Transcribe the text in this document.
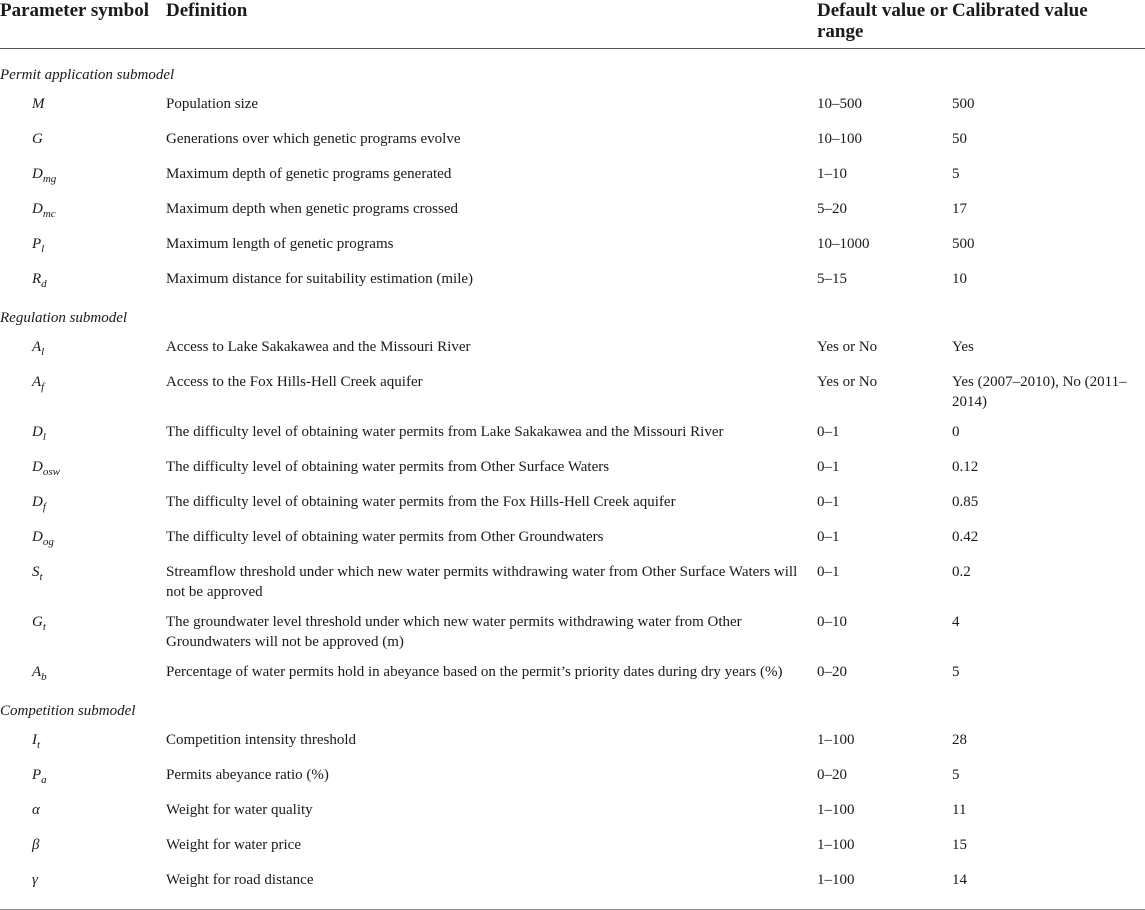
Parameter symbol	Definition	Default value or range	Calibrated value
Permit application submodel			
M	Population size	10–500	500
G	Generations over which genetic programs evolve	10–100	50
$D_{mg}$	Maximum depth of genetic programs generated	1–10	5
$D_{mc}$	Maximum depth when genetic programs crossed	5–20	17
$P_l$	Maximum length of genetic programs	10–1000	500
$R_d$	Maximum distance for suitability estimation (mile)	5–15	10
Regulation submodel			
$A_l$	Access to Lake Sakakawea and the Missouri River	Yes or No	Yes
$A_f$	Access to the Fox Hills-Hell Creek aquifer	Yes or No	Yes (2007–2010), No (2011–2014)
$D_l$	The difficulty level of obtaining water permits from Lake Sakakawea and the Missouri River	0–1	0
$D_{osw}$	The difficulty level of obtaining water permits from Other Surface Waters	0–1	0.12
$D_f$	The difficulty level of obtaining water permits from the Fox Hills-Hell Creek aquifer	0–1	0.85
$D_{og}$	The difficulty level of obtaining water permits from Other Groundwaters	0–1	0.42
$S_t$	Streamflow threshold under which new water permits withdrawing water from Other Surface Waters will not be approved	0–1	0.2
$G_t$	The groundwater level threshold under which new water permits withdrawing water from Other Groundwaters will not be approved (m)	0–10	4
$A_b$	Percentage of water permits hold in abeyance based on the permit’s priority dates during dry years (%)	0–20	5
Competition submodel			
$I_t$	Competition intensity threshold	1–100	28
$P_a$	Permits abeyance ratio (%)	0–20	5
α	Weight for water quality	1–100	11
β	Weight for water price	1–100	15
γ	Weight for road distance	1–100	14
